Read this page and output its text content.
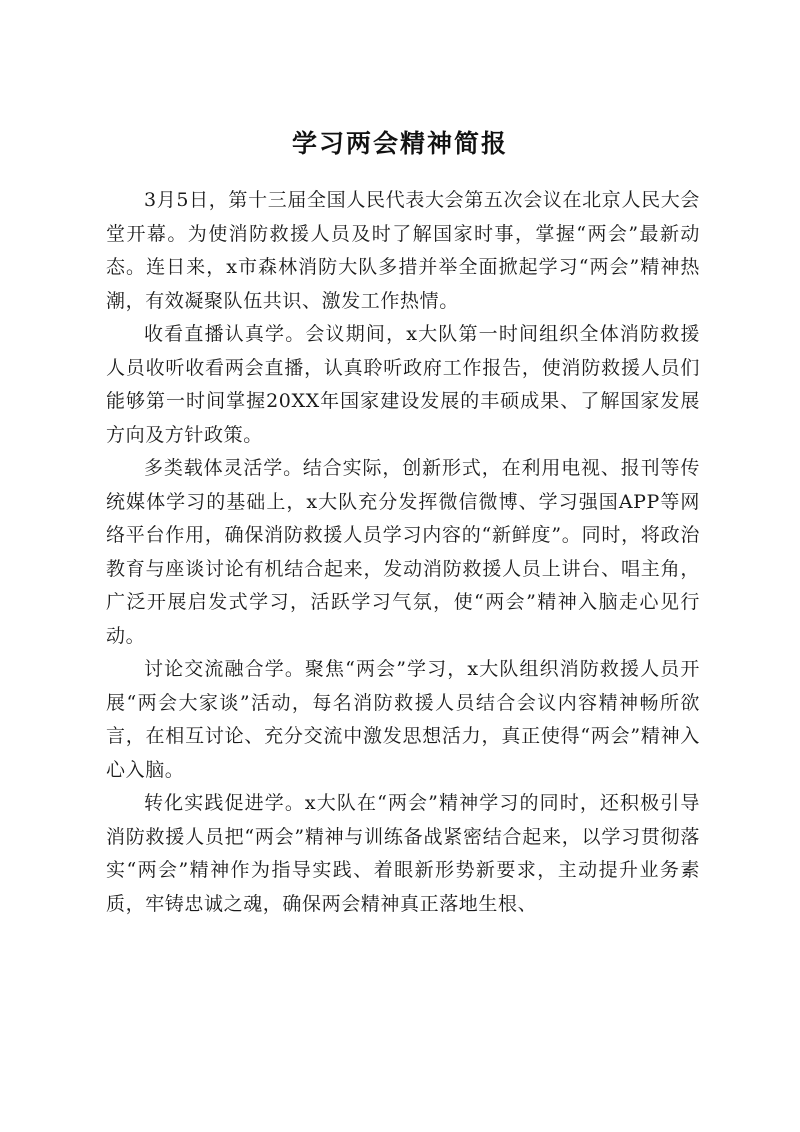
学习两会精神简报

3月5日，第十三届全国人民代表大会第五次会议在北京人民大会堂开幕。为使消防救援人员及时了解国家时事，掌握“两会”最新动态。连日来，x市森林消防大队多措并举全面掀起学习“两会”精神热潮，有效凝聚队伍共识、激发工作热情。

收看直播认真学。会议期间，x大队第一时间组织全体消防救援人员收听收看两会直播，认真聆听政府工作报告，使消防救援人员们能够第一时间掌握20XX年国家建设发展的丰硕成果、了解国家发展方向及方针政策。

多类载体灵活学。结合实际，创新形式，在利用电视、报刊等传统媒体学习的基础上，x大队充分发挥微信微博、学习强国APP等网络平台作用，确保消防救援人员学习内容的“新鲜度”。同时，将政治教育与座谈讨论有机结合起来，发动消防救援人员上讲台、唱主角，广泛开展启发式学习，活跃学习气氛，使“两会”精神入脑走心见行动。

讨论交流融合学。聚焦“两会”学习，x大队组织消防救援人员开展“两会大家谈”活动，每名消防救援人员结合会议内容精神畅所欲言，在相互讨论、充分交流中激发思想活力，真正使得“两会”精神入心入脑。

转化实践促进学。x大队在“两会”精神学习的同时，还积极引导消防救援人员把“两会”精神与训练备战紧密结合起来，以学习贯彻落实“两会”精神作为指导实践、着眼新形势新要求，主动提升业务素质，牢铸忠诚之魂，确保两会精神真正落地生根、
